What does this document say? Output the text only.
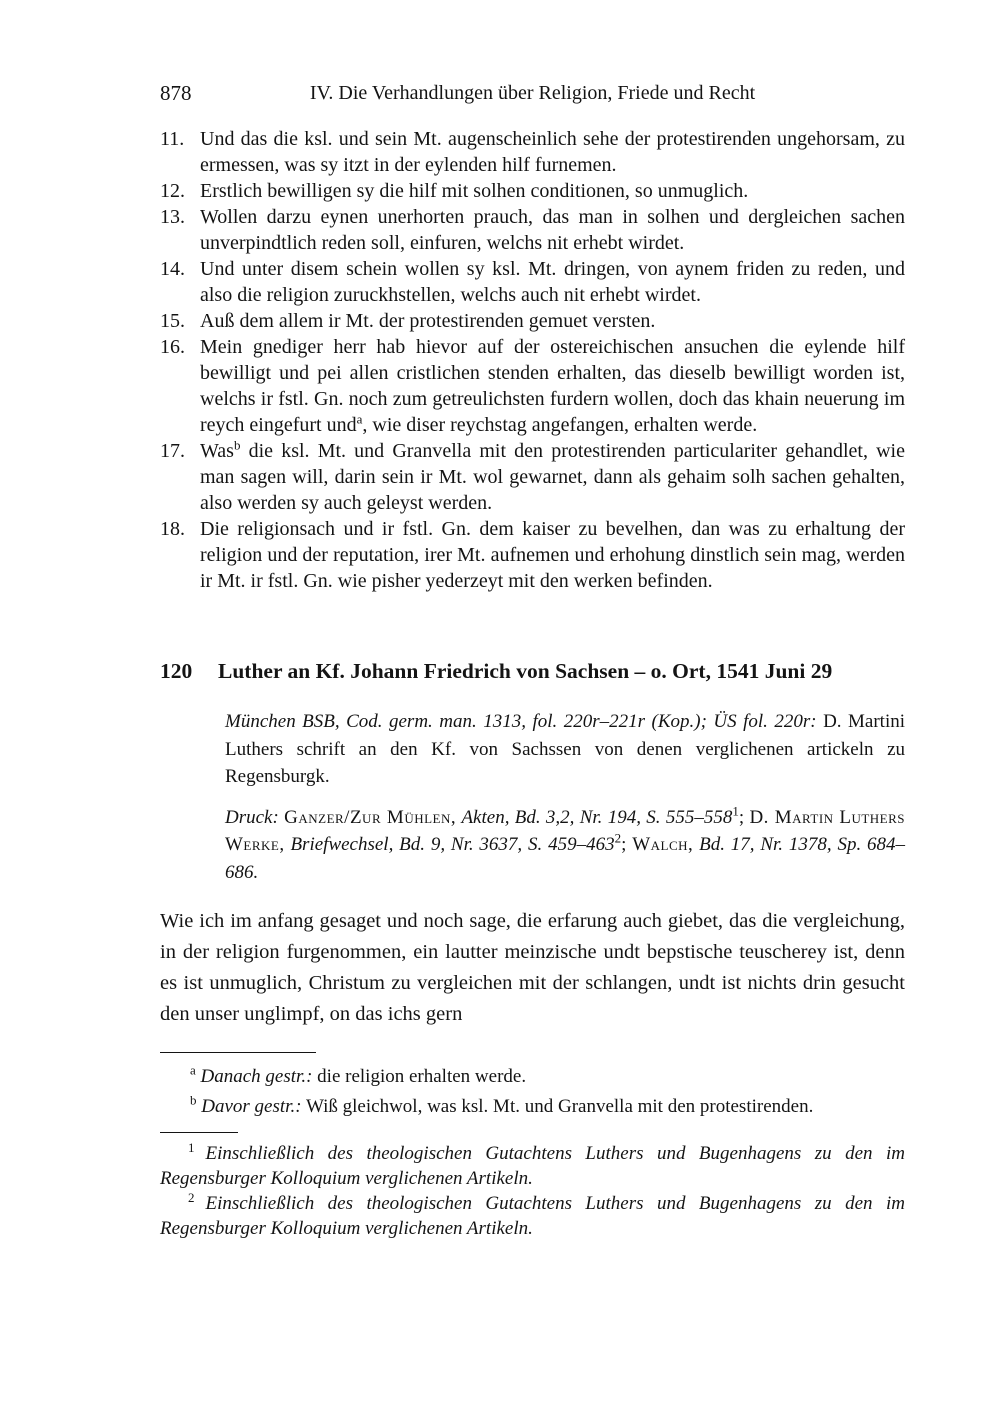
878	IV. Die Verhandlungen über Religion, Friede und Recht
11. Und das die ksl. und sein Mt. augenscheinlich sehe der protestirenden ungehorsam, zu ermessen, was sy itzt in der eylenden hilf furnemen.
12. Erstlich bewilligen sy die hilf mit solhen conditionen, so unmuglich.
13. Wollen darzu eynen unerhorten prauch, das man in solhen und dergleichen sachen unverpindtlich reden soll, einfuren, welchs nit erhebt wirdet.
14. Und unter disem schein wollen sy ksl. Mt. dringen, von aynem friden zu reden, und also die religion zuruckhstellen, welchs auch nit erhebt wirdet.
15. Auß dem allem ir Mt. der protestirenden gemuet versten.
16. Mein gnediger herr hab hievor auf der ostereichischen ansuchen die eylende hilf bewilligt und pei allen cristlichen stenden erhalten, das dieselb bewilligt worden ist, welchs ir fstl. Gn. noch zum getreulichsten furdern wollen, doch das khain neuerung im reych eingefurt und$^a$, wie diser reychstag angefangen, erhalten werde.
17. Was$^b$ die ksl. Mt. und Granvella mit den protestirenden particulariter gehandlet, wie man sagen will, darin sein ir Mt. wol gewarnet, dann als gehaim solh sachen gehalten, also werden sy auch geleyst werden.
18. Die religionsach und ir fstl. Gn. dem kaiser zu bevelhen, dan was zu erhaltung der religion und der reputation, irer Mt. aufnemen und erhohung dinstlich sein mag, werden ir Mt. ir fstl. Gn. wie pisher yederzeyt mit den werken befinden.
120 Luther an Kf. Johann Friedrich von Sachsen – o. Ort, 1541 Juni 29
München BSB, Cod. germ. man. 1313, fol. 220r–221r (Kop.); ÜS fol. 220r: D. Martini Luthers schrift an den Kf. von Sachssen von denen verglichenen artickeln zu Regensburgk.
Druck: Ganzer/Zur Mühlen, Akten, Bd. 3,2, Nr. 194, S. $555-558^1$; D. Martin Luthers Werke, Briefwechsel, Bd. 9, Nr. 3637, S. $459-463^2$; Walch, Bd. 17, Nr. 1378, Sp. 684–686.
Wie ich im anfang gesaget und noch sage, die erfarung auch giebet, das die vergleichung, in der religion furgenommen, ein lautter meinzische undt bepstische teuscherey ist, denn es ist unmuglich, Christum zu vergleichen mit der schlangen, undt ist nichts drin gesucht den unser unglimpf, on das ichs gern

$^a$ Danach gestr.: die religion erhalten werde.

$^b$ Davor gestr.: Wiß gleichwol, was ksl. Mt. und Granvella mit den protestirenden.

$^1$ Einschließlich des theologischen Gutachtens Luthers und Bugenhagens zu den im Regensburger Kolloquium verglichenen Artikeln.

$^2$ Einschließlich des theologischen Gutachtens Luthers und Bugenhagens zu den im Regensburger Kolloquium verglichenen Artikeln.
